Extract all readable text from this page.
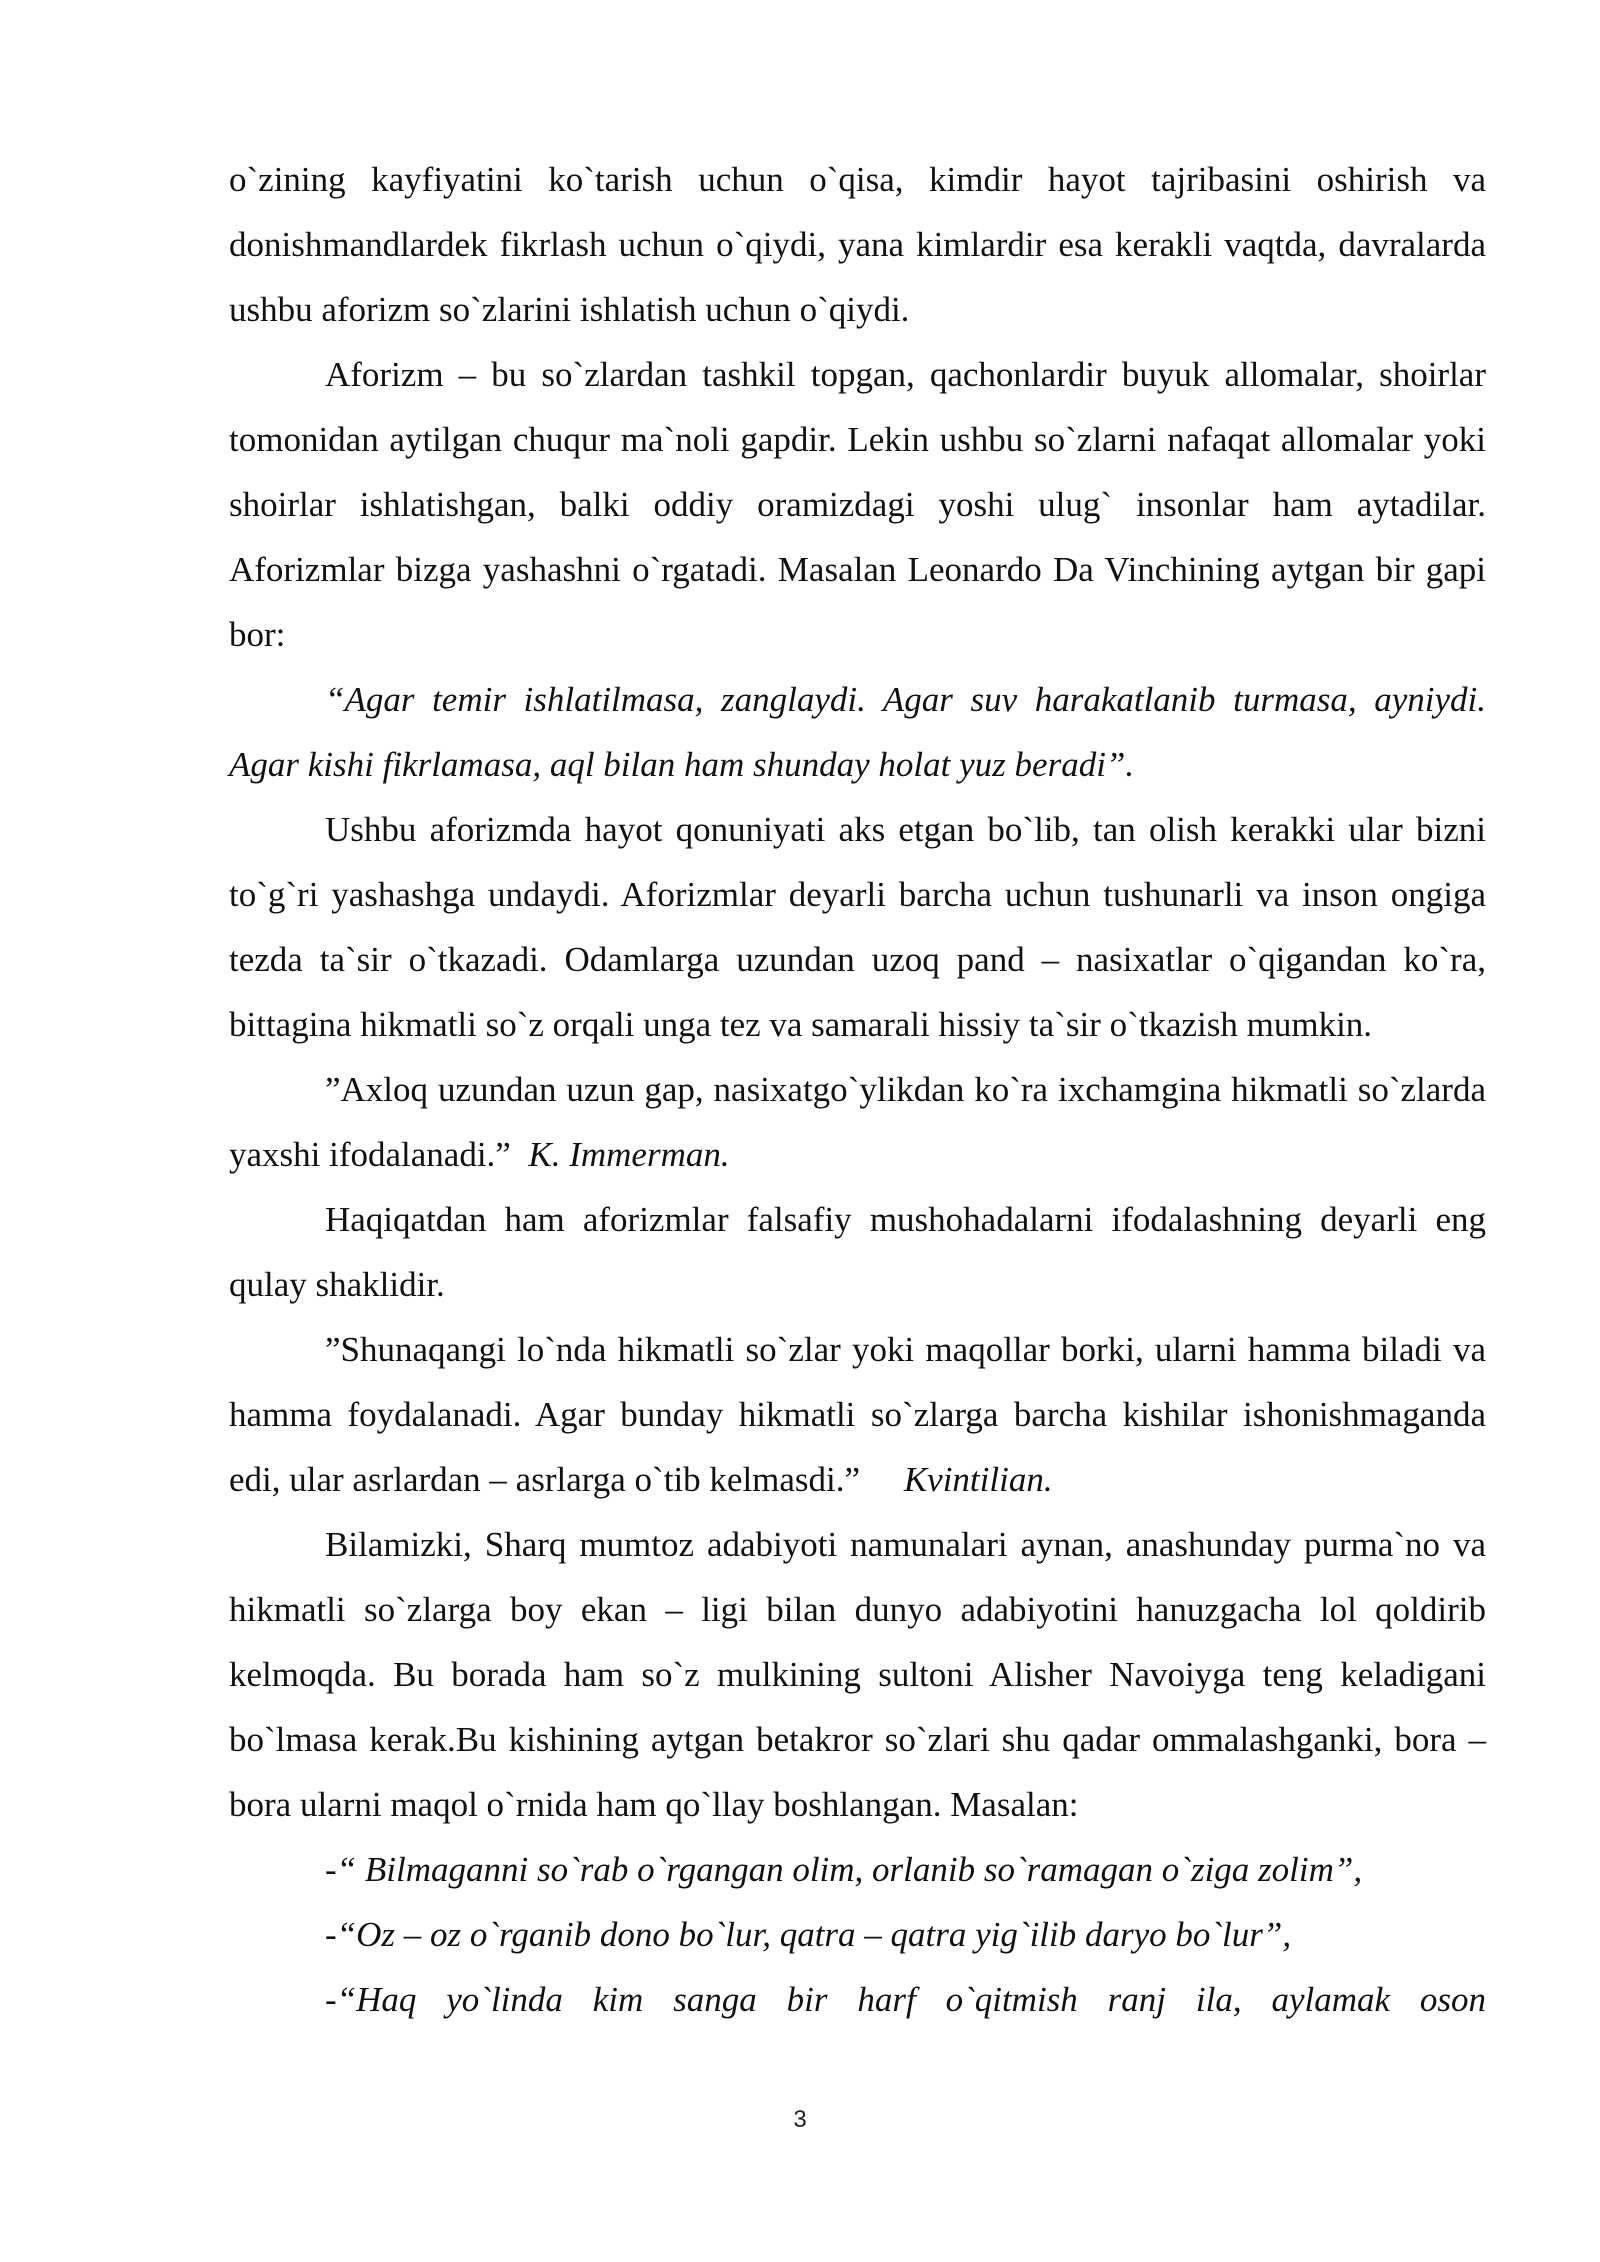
o`zining kayfiyatini ko`tarish uchun o`qisa, kimdir hayot tajribasini oshirish va donishmandlardek fikrlash uchun o`qiydi, yana kimlardir esa kerakli vaqtda, davralarda ushbu aforizm so`zlarini ishlatish uchun o`qiydi.

Aforizm – bu so`zlardan tashkil topgan, qachonlardir buyuk allomalar, shoirlar tomonidan aytilgan chuqur ma`noli gapdir. Lekin ushbu so`zlarni nafaqat allomalar yoki shoirlar ishlatishgan, balki oddiy oramizdagi yoshi ulug` insonlar ham aytadilar. Aforizmlar bizga yashashni o`rgatadi. Masalan Leonardo Da Vinchining aytgan bir gapi bor:

“Agar temir ishlatilmasa, zanglaydi. Agar suv harakatlanib turmasa, ayniydi. Agar kishi fikrlamasa, aql bilan ham shunday holat yuz beradi”.

Ushbu aforizmda hayot qonuniyati aks etgan bo`lib, tan olish kerakki ular bizni to`g`ri yashashga undaydi. Aforizmlar deyarli barcha uchun tushunarli va inson ongiga tezda ta`sir o`tkazadi. Odamlarga uzundan uzoq pand – nasixatlar o`qigandan ko`ra, bittagina hikmatli so`z orqali unga tez va samarali hissiy ta`sir o`tkazish mumkin.

”Axloq uzundan uzun gap, nasixatgo`ylikdan ko`ra ixchamgina hikmatli so`zlarda yaxshi ifodalanadi.” K. Immerman.

Haqiqatdan ham aforizmlar falsafiy mushohadalarni ifodalashning deyarli eng qulay shaklidir.

”Shunaqangi lo`nda hikmatli so`zlar yoki maqollar borki, ularni hamma biladi va hamma foydalanadi. Agar bunday hikmatli so`zlarga barcha kishilar ishonishmaganda edi, ular asrlardan – asrlarga o`tib kelmasdi.” Kvintilian.

Bilamizki, Sharq mumtoz adabiyoti namunalari aynan, anashunday purma`no va hikmatli so`zlarga boy ekan – ligi bilan dunyo adabiyotini hanuzgacha lol qoldirib kelmoqda. Bu borada ham so`z mulkining sultoni Alisher Navoiyga teng keladigani bo`lmasa kerak.Bu kishining aytgan betakror so`zlari shu qadar ommalashganki, bora – bora ularni maqol o`rnida ham qo`llay boshlangan. Masalan:

-“ Bilmaganni so`rab o`rgangan olim, orlanib so`ramagan o`ziga zolim”,

-“Oz – oz o`rganib dono bo`lur, qatra – qatra yig`ilib daryo bo`lur”,

-“Haq yo`linda kim sanga bir harf o`qitmish ranj ila, aylamak oson

3
